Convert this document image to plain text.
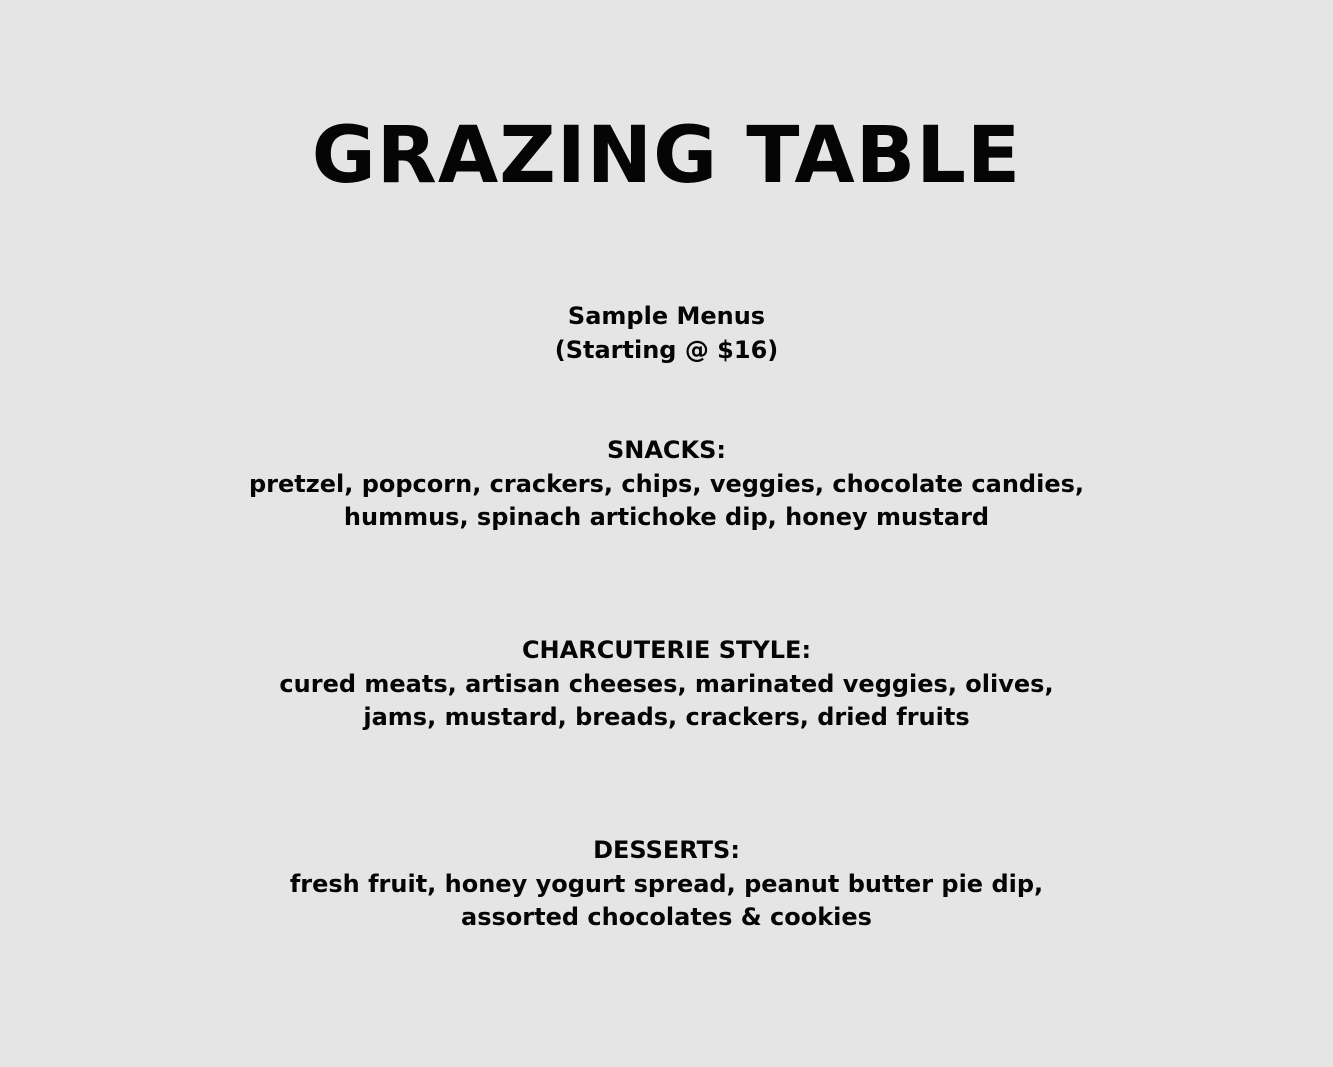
GRAZING TABLE
Sample Menus
(Starting @ $16)
SNACKS:
pretzel, popcorn, crackers, chips, veggies, chocolate candies,
hummus, spinach artichoke dip, honey mustard
CHARCUTERIE STYLE:
cured meats, artisan cheeses, marinated veggies, olives,
jams, mustard, breads, crackers, dried fruits
DESSERTS:
fresh fruit, honey yogurt spread, peanut butter pie dip,
assorted chocolates & cookies
